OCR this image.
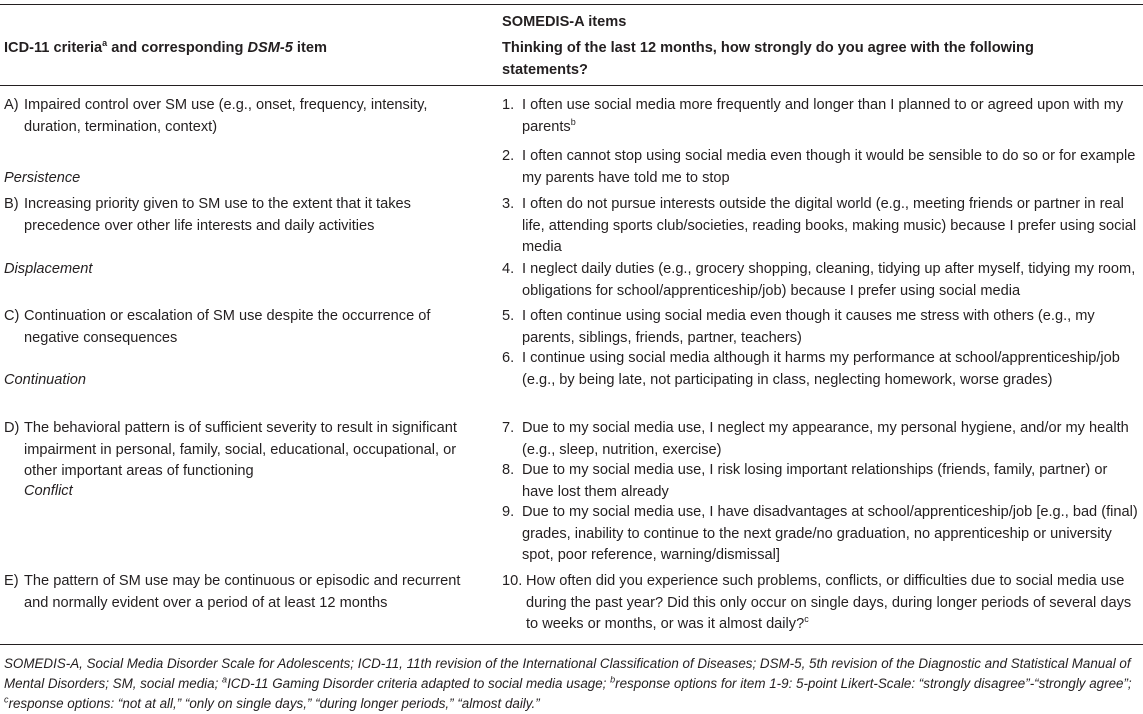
ICD-11 criteria$^a$ and corresponding DSM-5 item
SOMEDIS-A items
Thinking of the last 12 months, how strongly do you agree with the following statements?
A) Impaired control over SM use (e.g., onset, frequency, intensity, duration, termination, context)
Persistence
B) Increasing priority given to SM use to the extent that it takes precedence over other life interests and daily activities
Displacement
C) Continuation or escalation of SM use despite the occurrence of negative consequences
Continuation
D) The behavioral pattern is of sufficient severity to result in significant impairment in personal, family, social, educational, occupational, or other important areas of functioning
Conflict
E) The pattern of SM use may be continuous or episodic and recurrent and normally evident over a period of at least 12 months
1. I often use social media more frequently and longer than I planned to or agreed upon with my parents$^b$
2. I often cannot stop using social media even though it would be sensible to do so or for example my parents have told me to stop
3. I often do not pursue interests outside the digital world (e.g., meeting friends or partner in real life, attending sports club/societies, reading books, making music) because I prefer using social media
4. I neglect daily duties (e.g., grocery shopping, cleaning, tidying up after myself, tidying my room, obligations for school/apprenticeship/job) because I prefer using social media
5. I often continue using social media even though it causes me stress with others (e.g., my parents, siblings, friends, partner, teachers)
6. I continue using social media although it harms my performance at school/apprenticeship/job (e.g., by being late, not participating in class, neglecting homework, worse grades)
7. Due to my social media use, I neglect my appearance, my personal hygiene, and/or my health (e.g., sleep, nutrition, exercise)
8. Due to my social media use, I risk losing important relationships (friends, family, partner) or have lost them already
9. Due to my social media use, I have disadvantages at school/apprenticeship/job [e.g., bad (final) grades, inability to continue to the next grade/no graduation, no apprenticeship or university spot, poor reference, warning/dismissal]
10. How often did you experience such problems, conflicts, or difficulties due to social media use during the past year? Did this only occur on single days, during longer periods of several days to weeks or months, or was it almost daily?$^c$
SOMEDIS-A, Social Media Disorder Scale for Adolescents; ICD-11, 11th revision of the International Classification of Diseases; DSM-5, 5th revision of the Diagnostic and Statistical Manual of Mental Disorders; SM, social media; $^a$ICD-11 Gaming Disorder criteria adapted to social media usage; $^b$response options for item 1-9: 5-point Likert-Scale: “strongly disagree”-“strongly agree”; $^c$response options: “not at all,” “only on single days,” “during longer periods,” “almost daily.”
